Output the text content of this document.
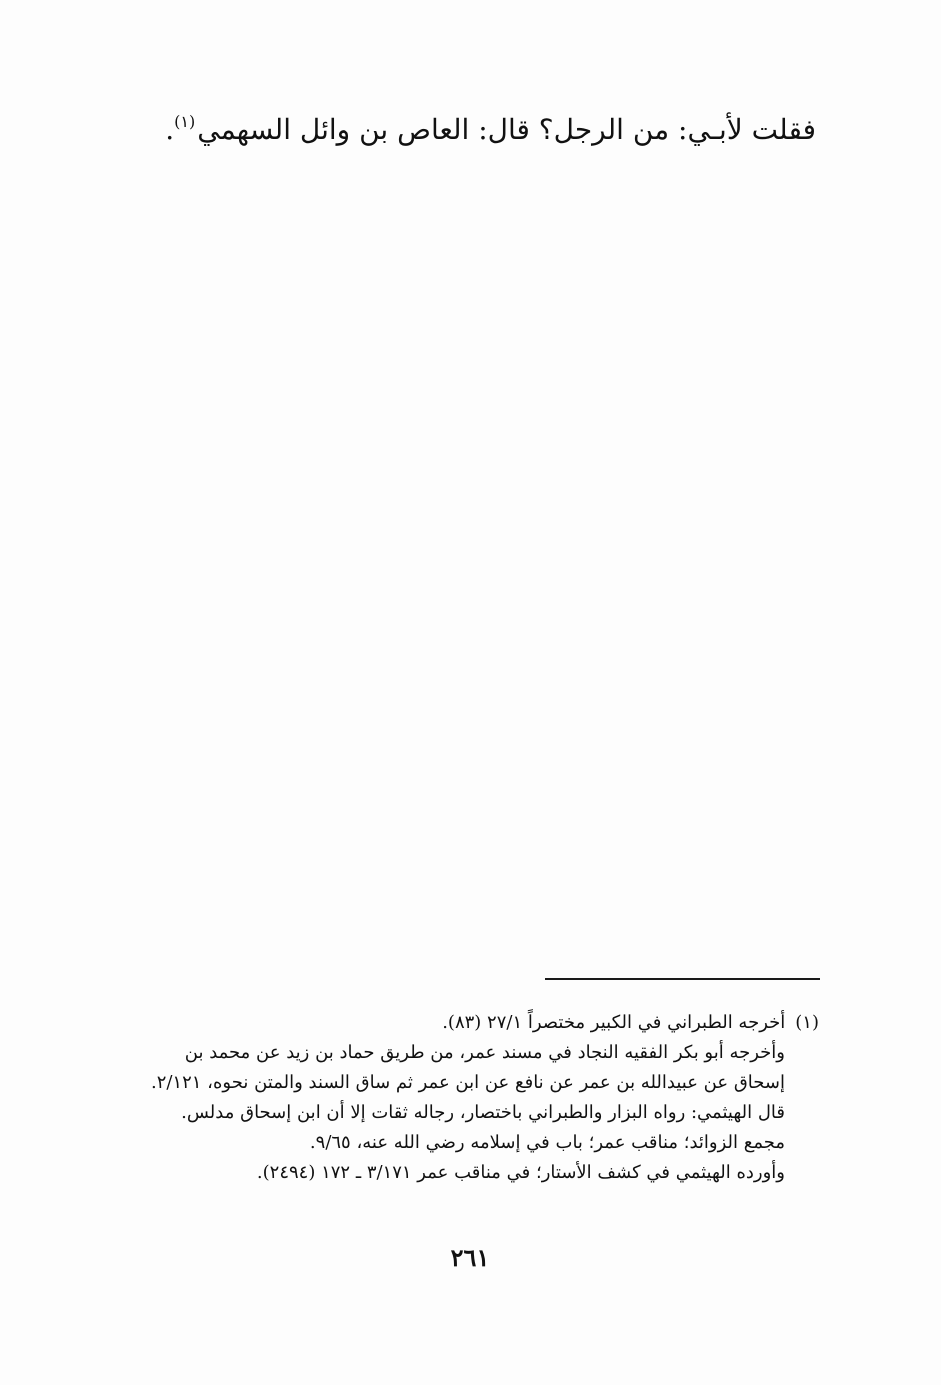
فقلت لأبـي: من الرجل؟ قال: العاص بن وائل السهمي$^{(١)}$.
(١)أخرجه الطبراني في الكبير مختصراً ٢٧/١ (٨٣).
وأخرجه أبو بكر الفقيه النجاد في مسند عمر، من طريق حماد بن زيد عن محمد بن
إسحاق عن عبيدالله بن عمر عن نافع عن ابن عمر ثم ساق السند والمتن نحوه، ٢/١٢١.
قال الهيثمي: رواه البزار والطبراني باختصار، رجاله ثقات إلا أن ابن إسحاق مدلس.
مجمع الزوائد؛ مناقب عمر؛ باب في إسلامه رضي الله عنه، ٩/٦٥.
وأورده الهيثمي في كشف الأستار؛ في مناقب عمر ٣/١٧١ ـ ١٧٢ (٢٤٩٤).
٢٦١
